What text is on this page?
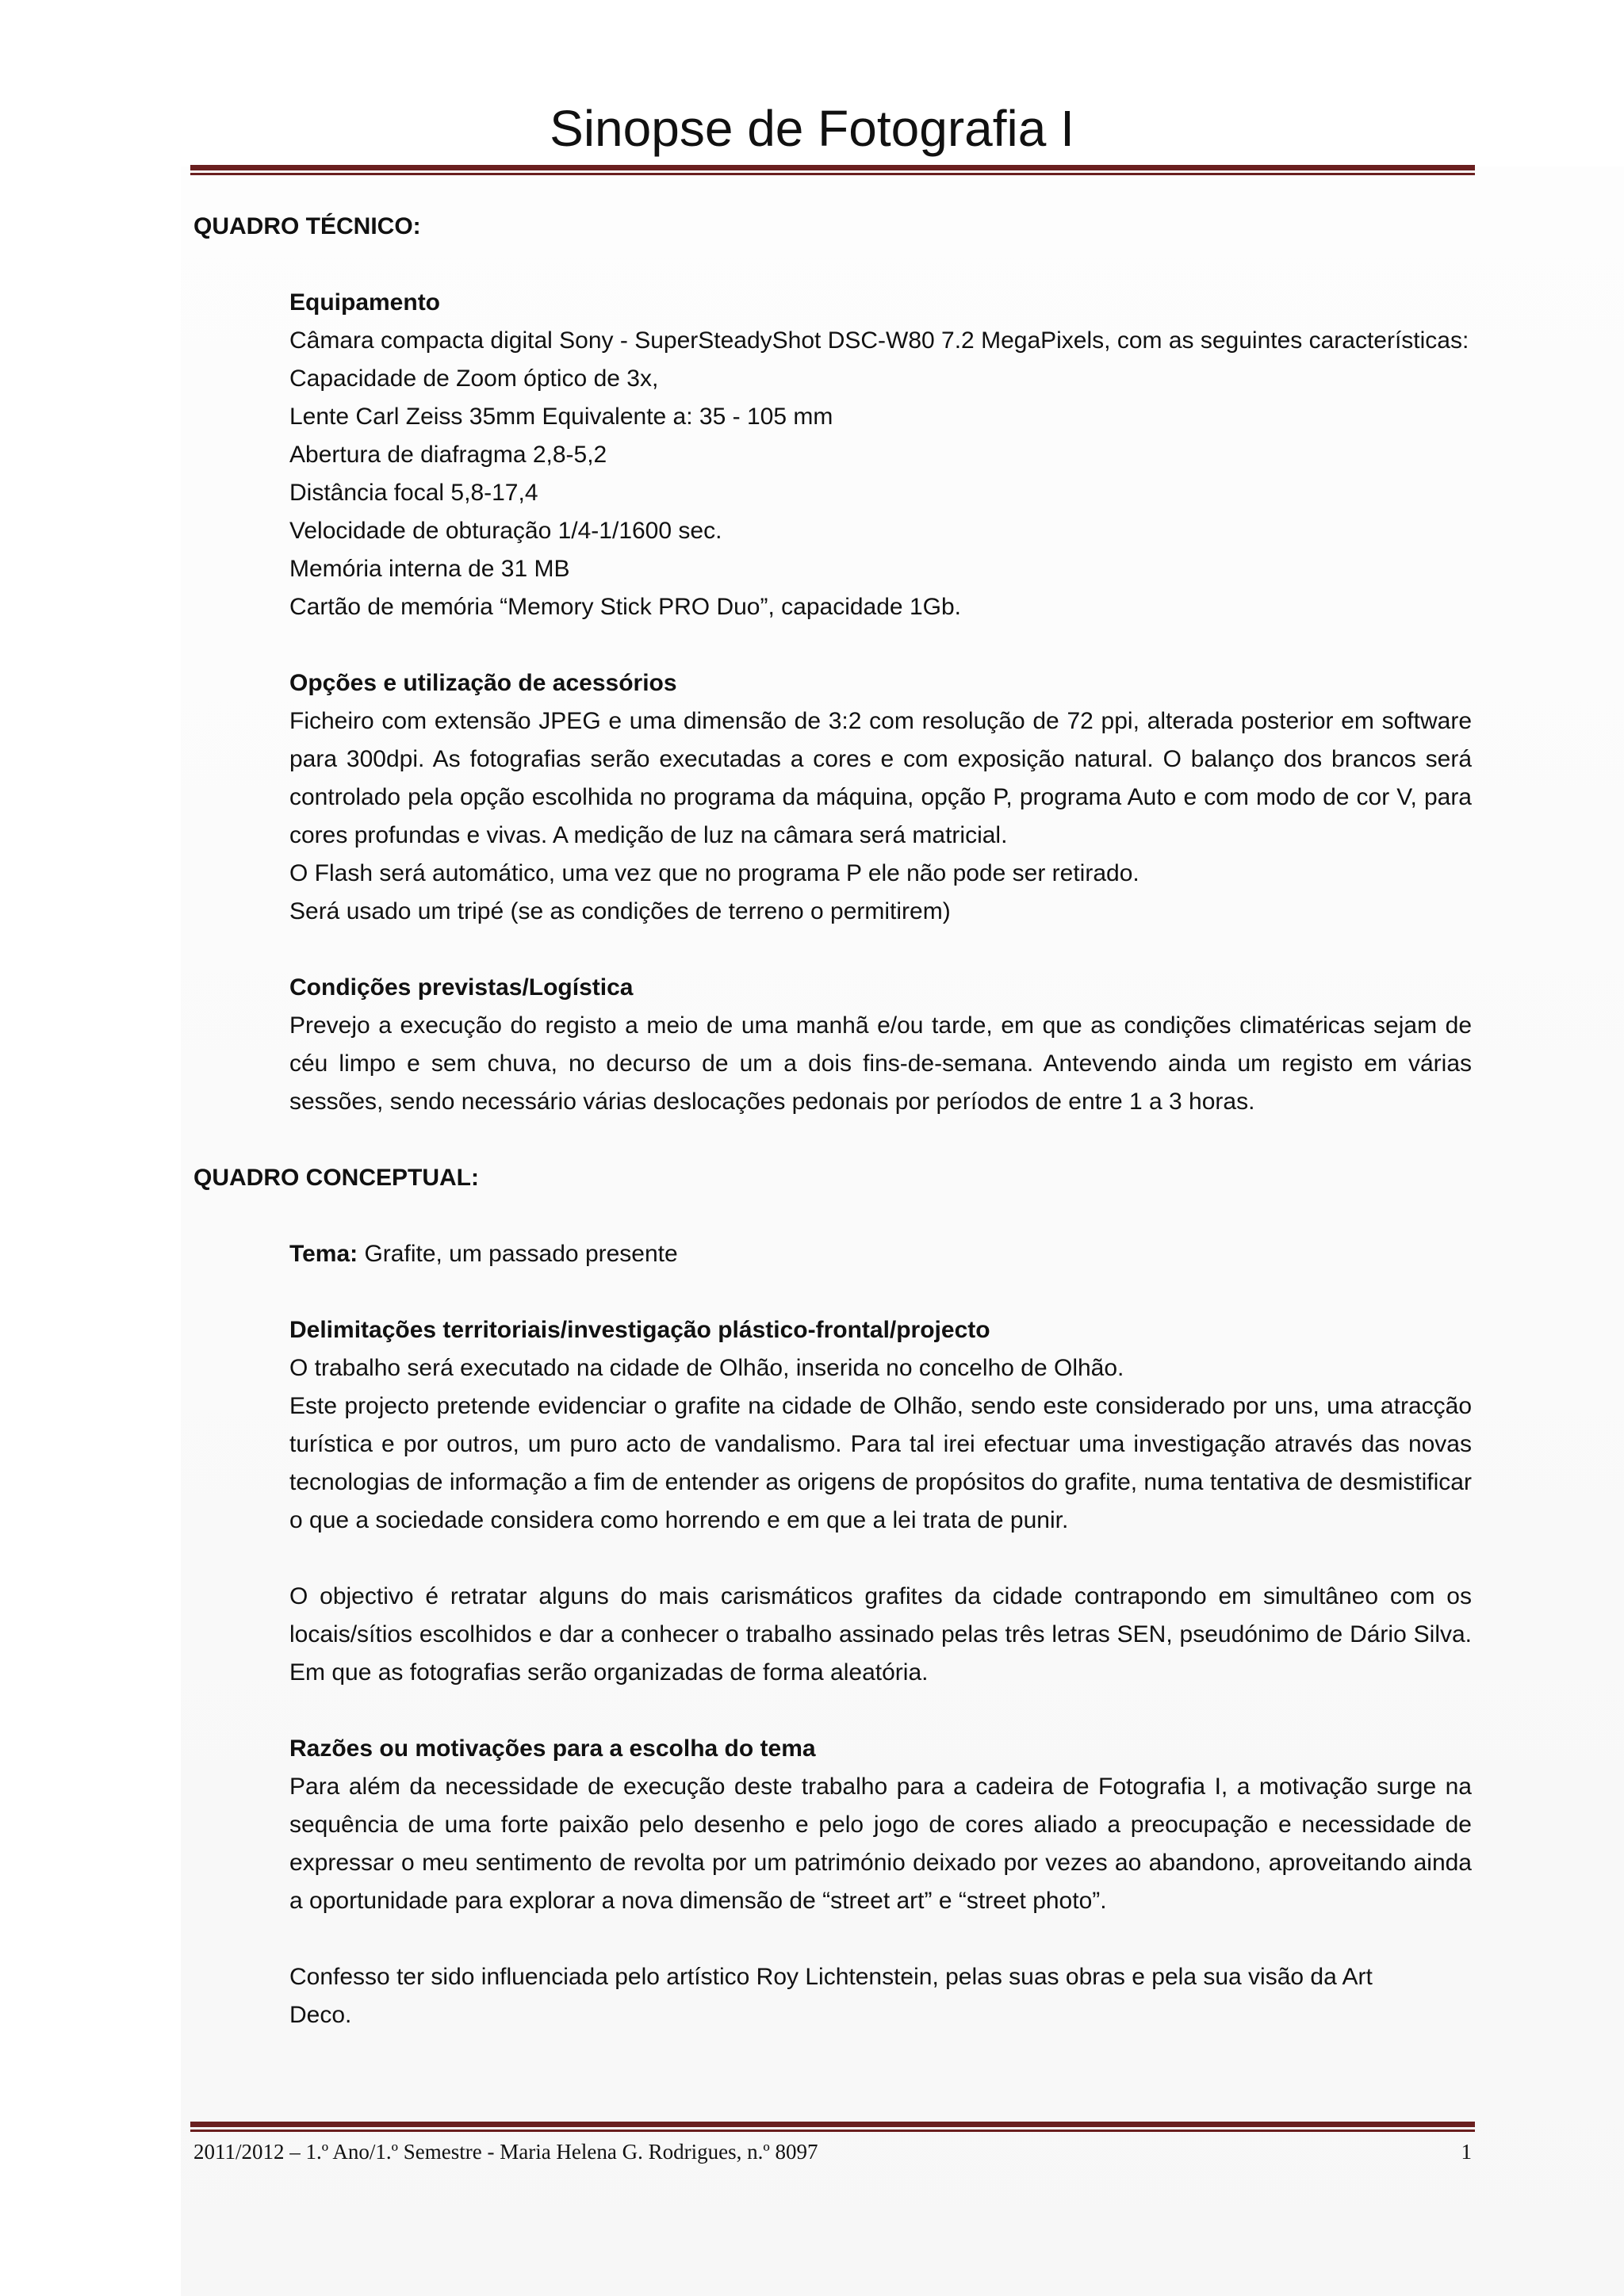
Sinopse de Fotografia I

QUADRO TÉCNICO:

Equipamento

Câmara compacta digital Sony - SuperSteadyShot DSC-W80 7.2 MegaPixels, com as seguintes características:

Capacidade de Zoom óptico de 3x,

Lente Carl Zeiss 35mm Equivalente a: 35 - 105 mm

Abertura de diafragma 2,8-5,2

Distância focal 5,8-17,4

Velocidade de obturação 1/4-1/1600 sec.

Memória interna de 31 MB

Cartão de memória “Memory Stick PRO Duo”, capacidade 1Gb.

Opções e utilização de acessórios

Ficheiro com extensão JPEG e uma dimensão de 3:2 com resolução de 72 ppi, alterada posterior em software para 300dpi. As fotografias serão executadas a cores e com exposição natural. O balanço dos brancos será controlado pela opção escolhida no programa da máquina, opção P, programa Auto e com modo de cor V, para cores profundas e vivas. A medição de luz na câmara será matricial.

O Flash será automático, uma vez que no programa P ele não pode ser retirado.

Será usado um tripé (se as condições de terreno o permitirem)

Condições previstas/Logística

Prevejo a execução do registo a meio de uma manhã e/ou tarde, em que as condições climatéricas sejam de céu limpo e sem chuva, no decurso de um a dois fins-de-semana. Antevendo ainda um registo em várias sessões, sendo necessário várias deslocações pedonais por períodos de entre 1 a 3 horas.

QUADRO CONCEPTUAL:

Tema: Grafite, um passado presente

Delimitações territoriais/investigação plástico-frontal/projecto

O trabalho será executado na cidade de Olhão, inserida no concelho de Olhão.

Este projecto pretende evidenciar o grafite na cidade de Olhão, sendo este considerado por uns, uma atracção turística e por outros, um puro acto de vandalismo. Para tal irei efectuar uma investigação através das novas tecnologias de informação a fim de entender as origens de propósitos do grafite, numa tentativa de desmistificar o que a sociedade considera como horrendo e em que a lei trata de punir.

O objectivo é retratar alguns do mais carismáticos grafites da cidade contrapondo em simultâneo com os locais/sítios escolhidos e dar a conhecer o trabalho assinado pelas três letras SEN, pseudónimo de Dário Silva. Em que as fotografias serão organizadas de forma aleatória.

Razões ou motivações para a escolha do tema

Para além da necessidade de execução deste trabalho para a cadeira de Fotografia I, a motivação surge na sequência de uma forte paixão pelo desenho e pelo jogo de cores aliado a preocupação e necessidade de expressar o meu sentimento de revolta por um património deixado por vezes ao abandono, aproveitando ainda a oportunidade para explorar a nova dimensão de “street art” e “street photo”.

Confesso ter sido influenciada pelo artístico Roy Lichtenstein, pelas suas obras e pela sua visão da Art

Deco.

2011/2012 – 1.º Ano/1.º Semestre - Maria Helena G. Rodrigues, n.º 8097	1
